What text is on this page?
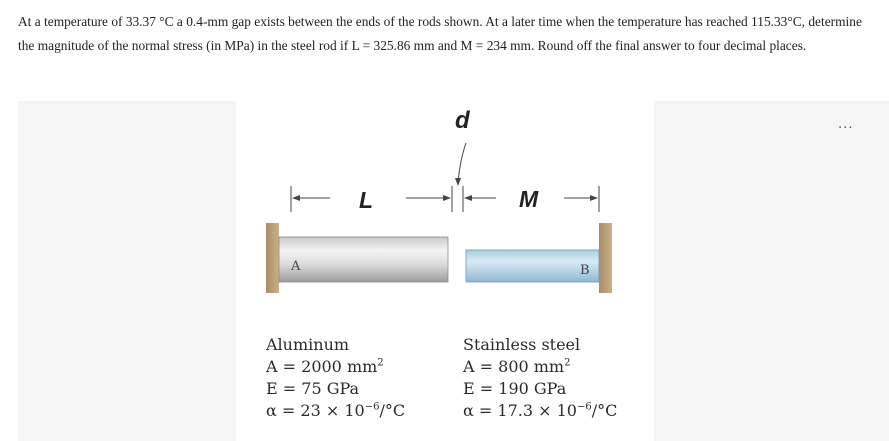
At a temperature of 33.37 °C a 0.4-mm gap exists between the ends of the rods shown. At a later time when the temperature has reached 115.33°C, determine the magnitude of the normal stress (in MPa) in the steel rod if L = 325.86 mm and M = 234 mm. Round off the final answer to four decimal places.
...
A	B
L	M
d
Aluminum
A = 2000 $mm^2$
E = 75 GPa
$\alpha = 23 \times 10^{-6}/^\circ C$
Stainless steel
A = 800 $mm^2$
E = 190 GPa
$\alpha = 17.3 \times 10^{-6}/^\circ C$
